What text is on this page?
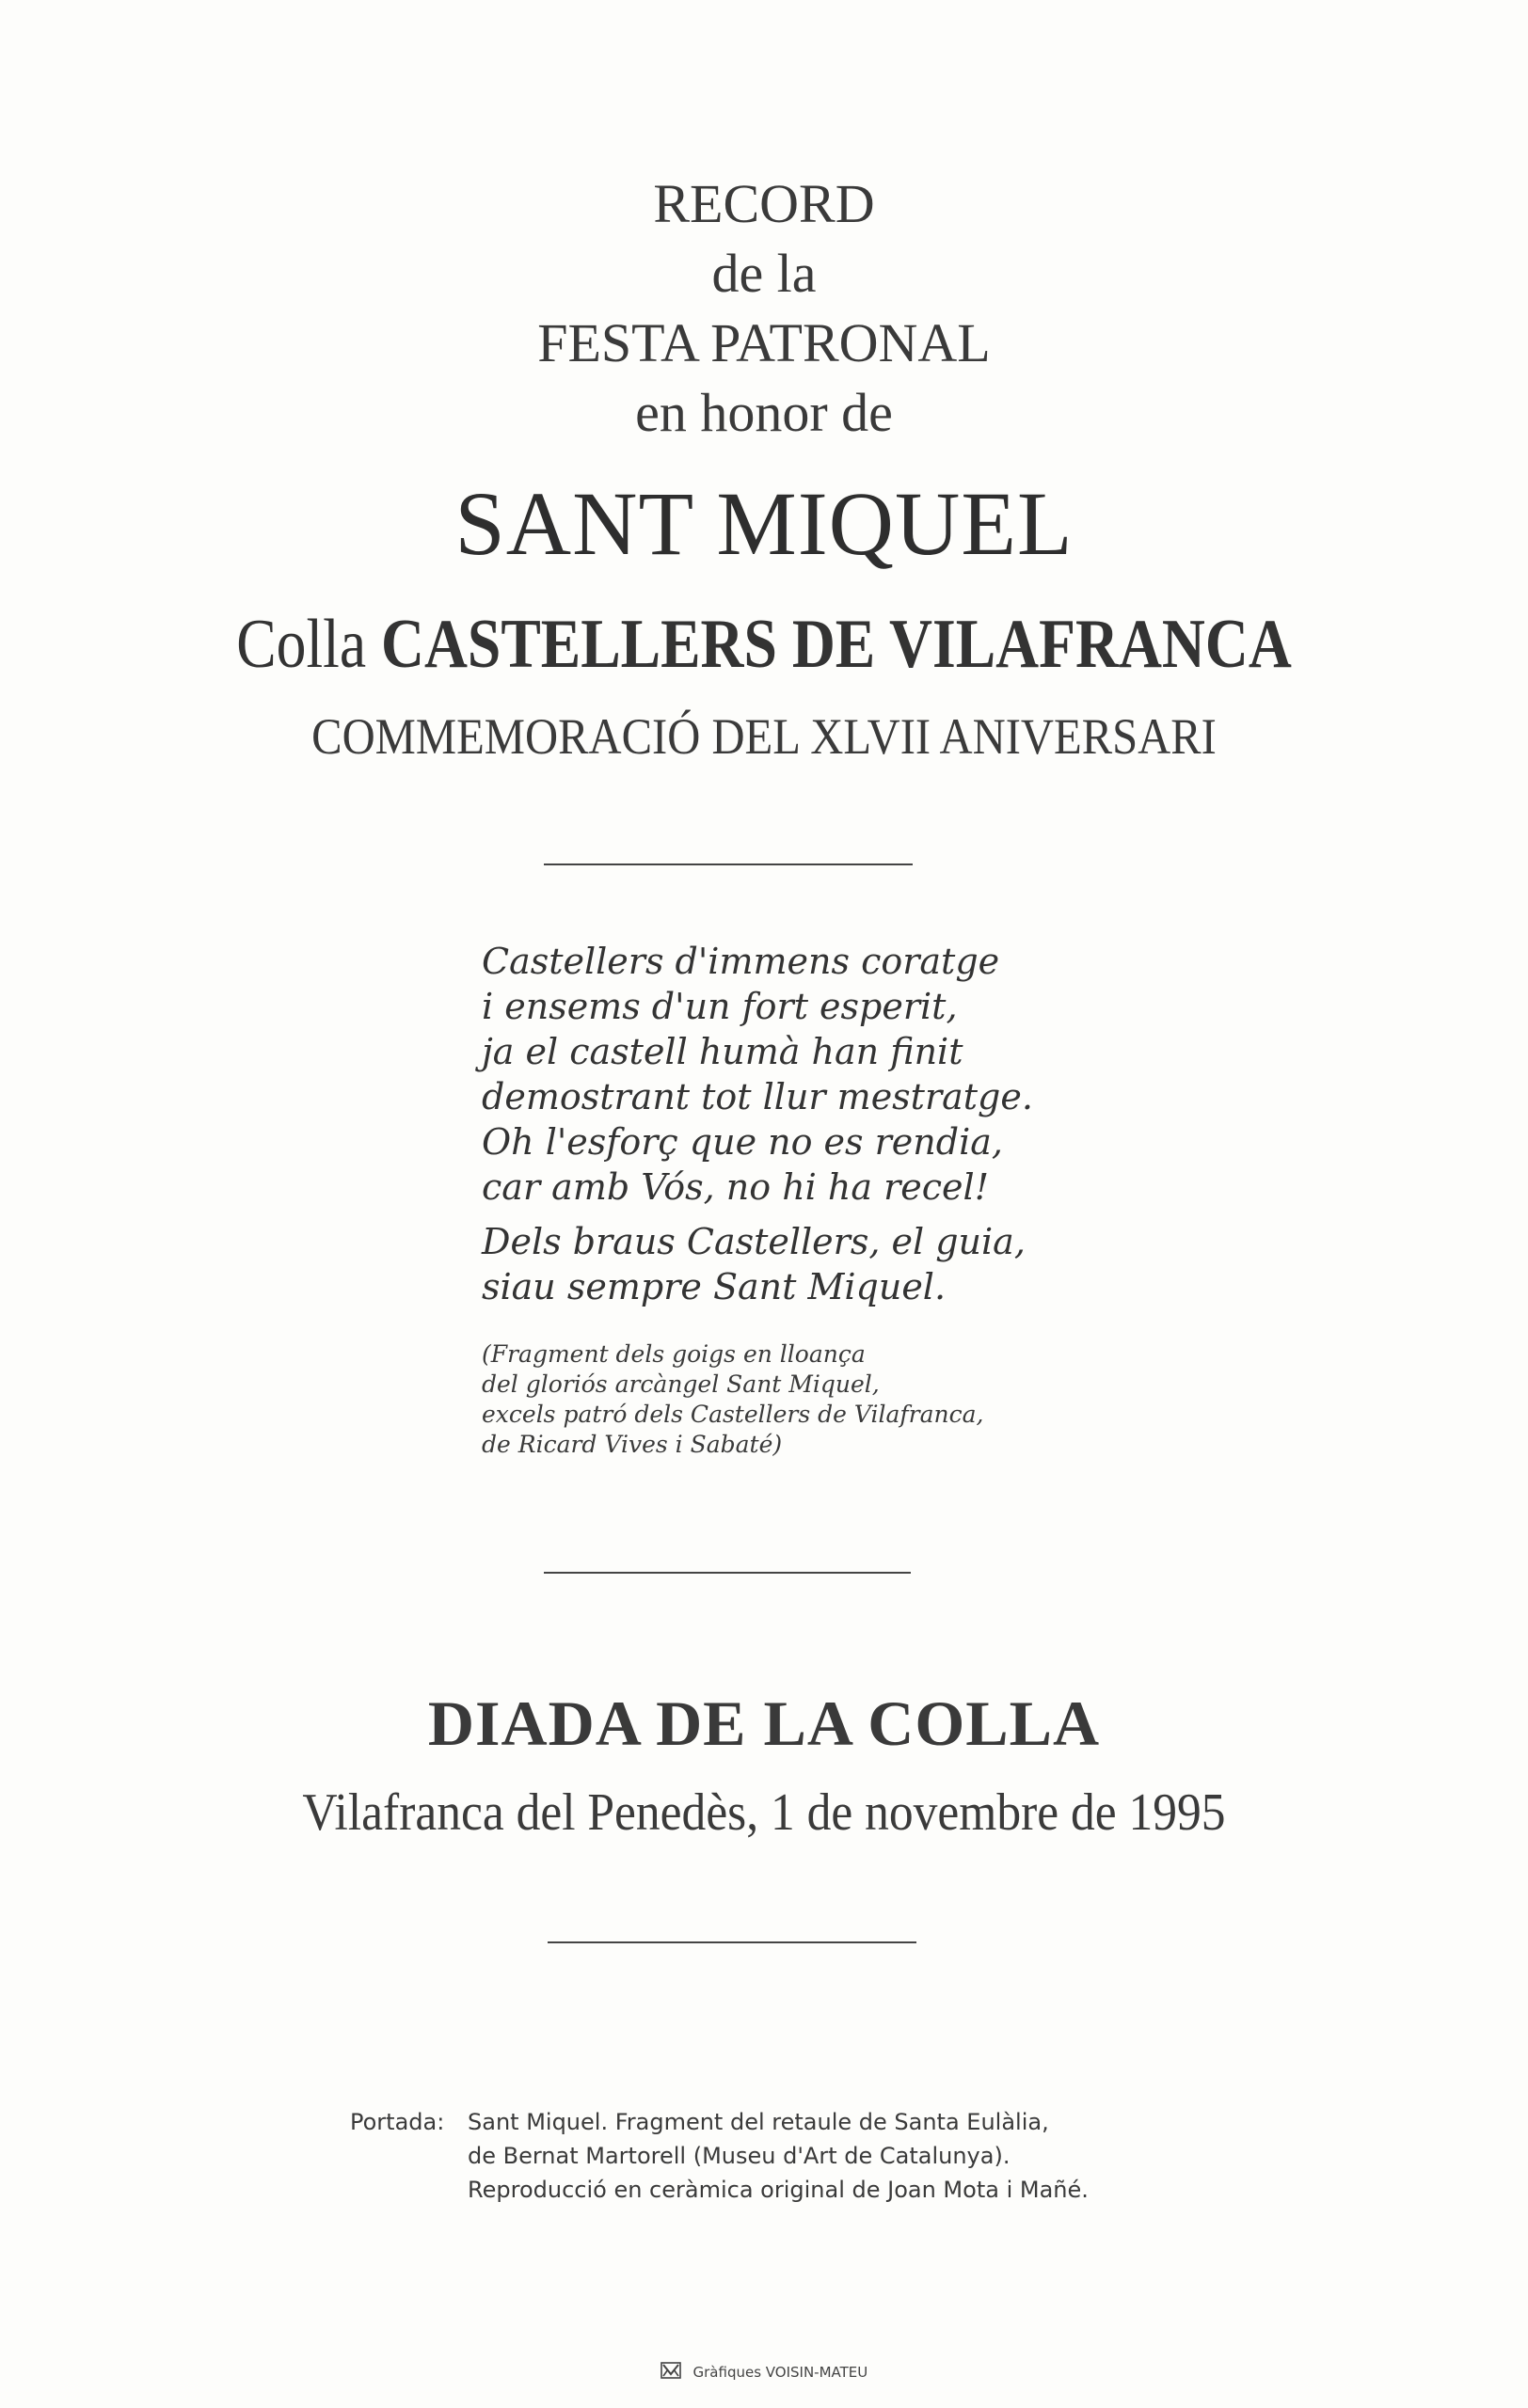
RECORD
de la
FESTA PATRONAL
en honor de
SANT MIQUEL
Colla CASTELLERS DE VILAFRANCA
COMMEMORACIÓ DEL XLVII ANIVERSARI
Castellers d'immens coratge
i ensems d'un fort esperit,
ja el castell humà han finit
demostrant tot llur mestratge.
Oh l'esforç que no es rendia,
car amb Vós, no hi ha recel!
Dels braus Castellers, el guia,
siau sempre Sant Miquel.
(Fragment dels goigs en lloança
del gloriós arcàngel Sant Miquel,
excels patró dels Castellers de Vilafranca,
de Ricard Vives i Sabaté)
DIADA DE LA COLLA
Vilafranca del Penedès, 1 de novembre de 1995
Portada: Sant Miquel. Fragment del retaule de Santa Eulàlia,
de Bernat Martorell (Museu d'Art de Catalunya).
Reproducció en ceràmica original de Joan Mota i Mañé.
Gràfiques VOISIN-MATEU
